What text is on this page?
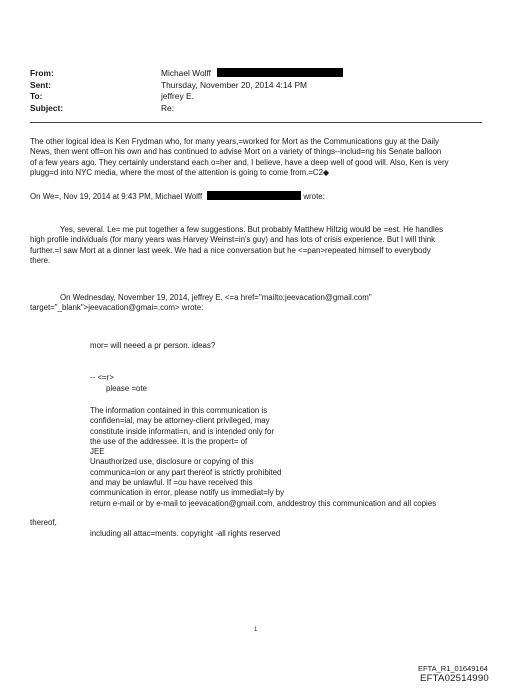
From:	Michael Wolff
Sent:	Thursday, November 20, 2014 4:14 PM
To:	jeffrey E.
Subject:	Re:
The other logical idea is Ken Frydman who, for many years,=worked for Mort as the Communications guy at the Daily
News, then went off=on his own and has continued to advise Mort on a variety of things--includ=ng his Senate balloon
of a few years ago. They certainly understand each o=her and, I believe, have a deep well of good will. Also, Ken is very
plugg=d into NYC media, where the most of the attention is going to come from.=C2◆
On We=, Nov 19, 2014 at 9:43 PM, Michael Wolff	wrote:
Yes, several. Le= me put together a few suggestions. But probably Matthew Hiltzig would be =est. He handles
high profile individuals (for many years was Harvey Weinst=in's guy) and has lots of crisis experience. But I will think
further.=I saw Mort at a dinner last week. We had a nice conversation but he <=pan>repeated himself to everybody
there.
On Wednesday, November 19, 2014, jeffrey E. <=a href="mailto:jeevacation@gmail.com"
target="_blank">jeevacation@gmai=.com> wrote:
mor= will neeed a pr person. ideas?
-- <=r>
please =ote
The information contained in this communication is
confiden=ial, may be attorney-client privileged, may
constitute inside informati=n, and is intended only for
the use of the addressee. It is the propert= of
JEE
Unauthorized use, disclosure or copying of this
communica=ion or any part thereof is strictly prohibited
and may be unlawful. If =ou have received this
communication in error, please notify us immediat=ly by
return e-mail or by e-mail to jeevacation@gmail.com, anddestroy this communication and all copies
thereof,
including all attac=ments. copyright -all rights reserved
1
EFTA_R1_01649164
EFTA02514990
